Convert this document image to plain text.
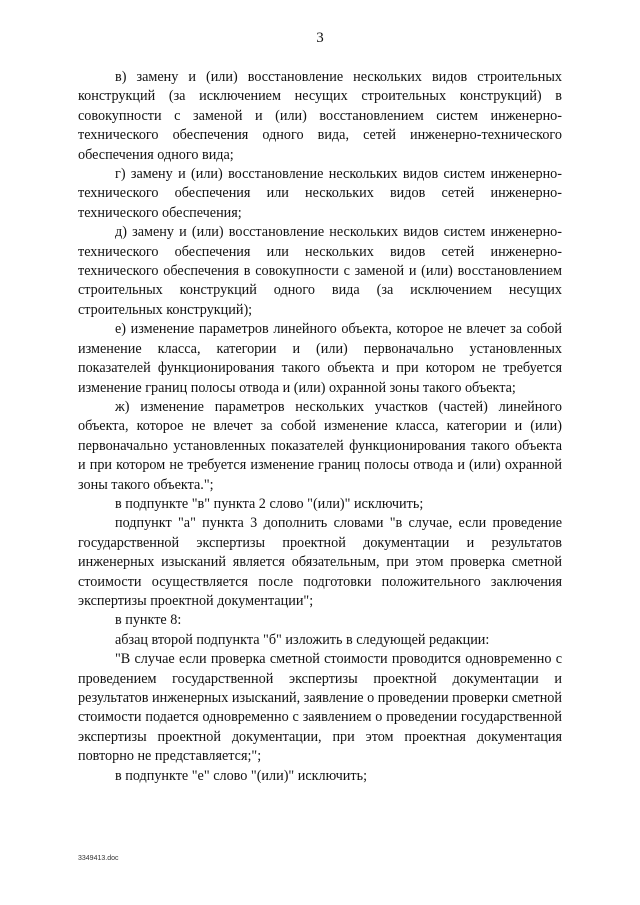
3

в) замену и (или) восстановление нескольких видов строительных конструкций (за исключением несущих строительных конструкций) в совокупности с заменой и (или) восстановлением систем инженерно-технического обеспечения одного вида, сетей инженерно-технического обеспечения одного вида;

г) замену и (или) восстановление нескольких видов систем инженерно-технического обеспечения или нескольких видов сетей инженерно-технического обеспечения;

д) замену и (или) восстановление нескольких видов систем инженерно-технического обеспечения или нескольких видов сетей инженерно-технического обеспечения в совокупности с заменой и (или) восстановлением строительных конструкций одного вида (за исключением несущих строительных конструкций);

е) изменение параметров линейного объекта, которое не влечет за собой изменение класса, категории и (или) первоначально установленных показателей функционирования такого объекта и при котором не требуется изменение границ полосы отвода и (или) охранной зоны такого объекта;

ж) изменение параметров нескольких участков (частей) линейного объекта, которое не влечет за собой изменение класса, категории и (или) первоначально установленных показателей функционирования такого объекта и при котором не требуется изменение границ полосы отвода и (или) охранной зоны такого объекта.";

в подпункте "в" пункта 2 слово "(или)" исключить;

подпункт "а" пункта 3 дополнить словами "в случае, если проведение государственной экспертизы проектной документации и результатов инженерных изысканий является обязательным, при этом проверка сметной стоимости осуществляется после подготовки положительного заключения экспертизы проектной документации";

в пункте 8:

абзац второй подпункта "б" изложить в следующей редакции:

"В случае если проверка сметной стоимости проводится одновременно с проведением государственной экспертизы проектной документации и результатов инженерных изысканий, заявление о проведении проверки сметной стоимости подается одновременно с заявлением о проведении государственной экспертизы проектной документации, при этом проектная документация повторно не представляется;";

в подпункте "е" слово "(или)" исключить;

3349413.doc
